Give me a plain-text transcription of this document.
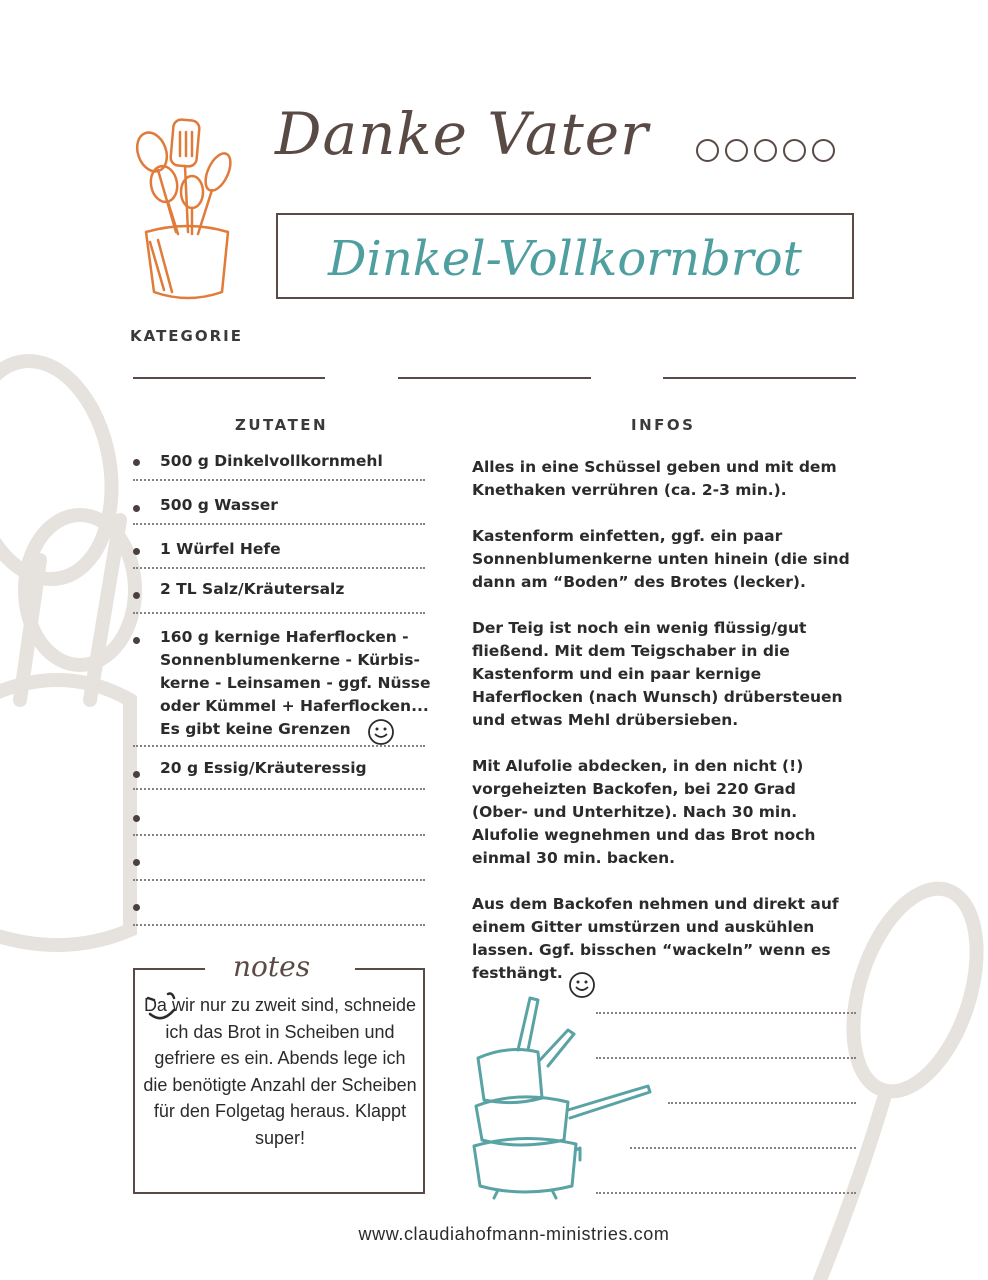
Danke Vater
Dinkel-Vollkornbrot
KATEGORIE
ZUTATEN	INFOS
500 g Dinkelvollkornmehl
500 g Wasser
1 Würfel Hefe
2 TL Salz/Kräutersalz
160 g kernige Haferflocken -
Sonnenblumenkerne - Kürbis-
kerne - Leinsamen - ggf. Nüsse
oder Kümmel + Haferflocken...
Es gibt keine Grenzen
20 g Essig/Kräuteressig

Alles in eine Schüssel geben und mit dem Knethaken verrühren (ca. 2-3 min.).

Kastenform einfetten, ggf. ein paar Sonnenblumenkerne unten hinein (die sind dann am “Boden” des Brotes (lecker).

Der Teig ist noch ein wenig flüssig/gut fließend. Mit dem Teigschaber in die Kastenform und ein paar kernige Haferflocken (nach Wunsch) drübersteuen und etwas Mehl drübersieben.

Mit Alufolie abdecken, in den nicht (!) vorgeheizten Backofen, bei 220 Grad (Ober- und Unterhitze). Nach 30 min. Alufolie wegnehmen und das Brot noch einmal 30 min. backen.

Aus dem Backofen nehmen und direkt auf einem Gitter umstürzen und auskühlen lassen. Ggf. bisschen “wackeln” wenn es festhängt.

notes
Da wir nur zu zweit sind, schneide ich das Brot in Scheiben und gefriere es ein. Abends lege ich die benötigte Anzahl der Scheiben für den Folgetag heraus. Klappt super!
www.claudiahofmann-ministries.com
